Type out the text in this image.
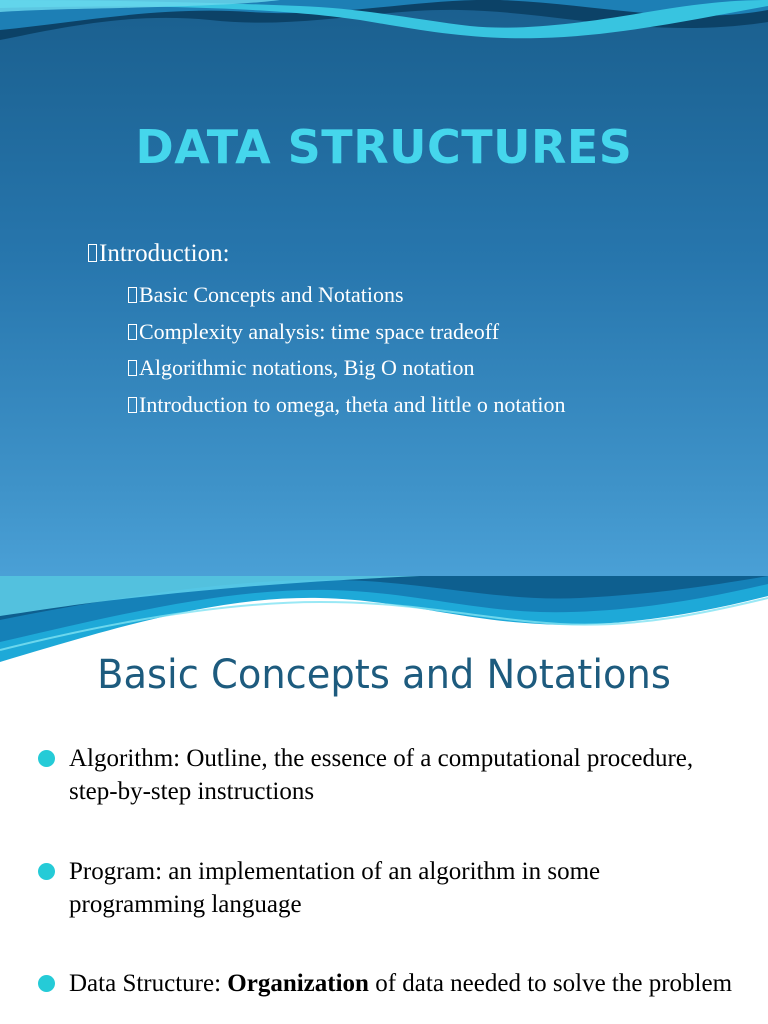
DATA STRUCTURES
Introduction:
Basic Concepts and Notations
Complexity analysis: time space tradeoff
Algorithmic notations, Big O notation
Introduction to omega, theta and little o notation
Basic Concepts and Notations
Algorithm: Outline, the essence of a computational procedure, step-by-step instructions
Program: an implementation of an algorithm in some programming language
Data Structure: Organization of data needed to solve the problem
